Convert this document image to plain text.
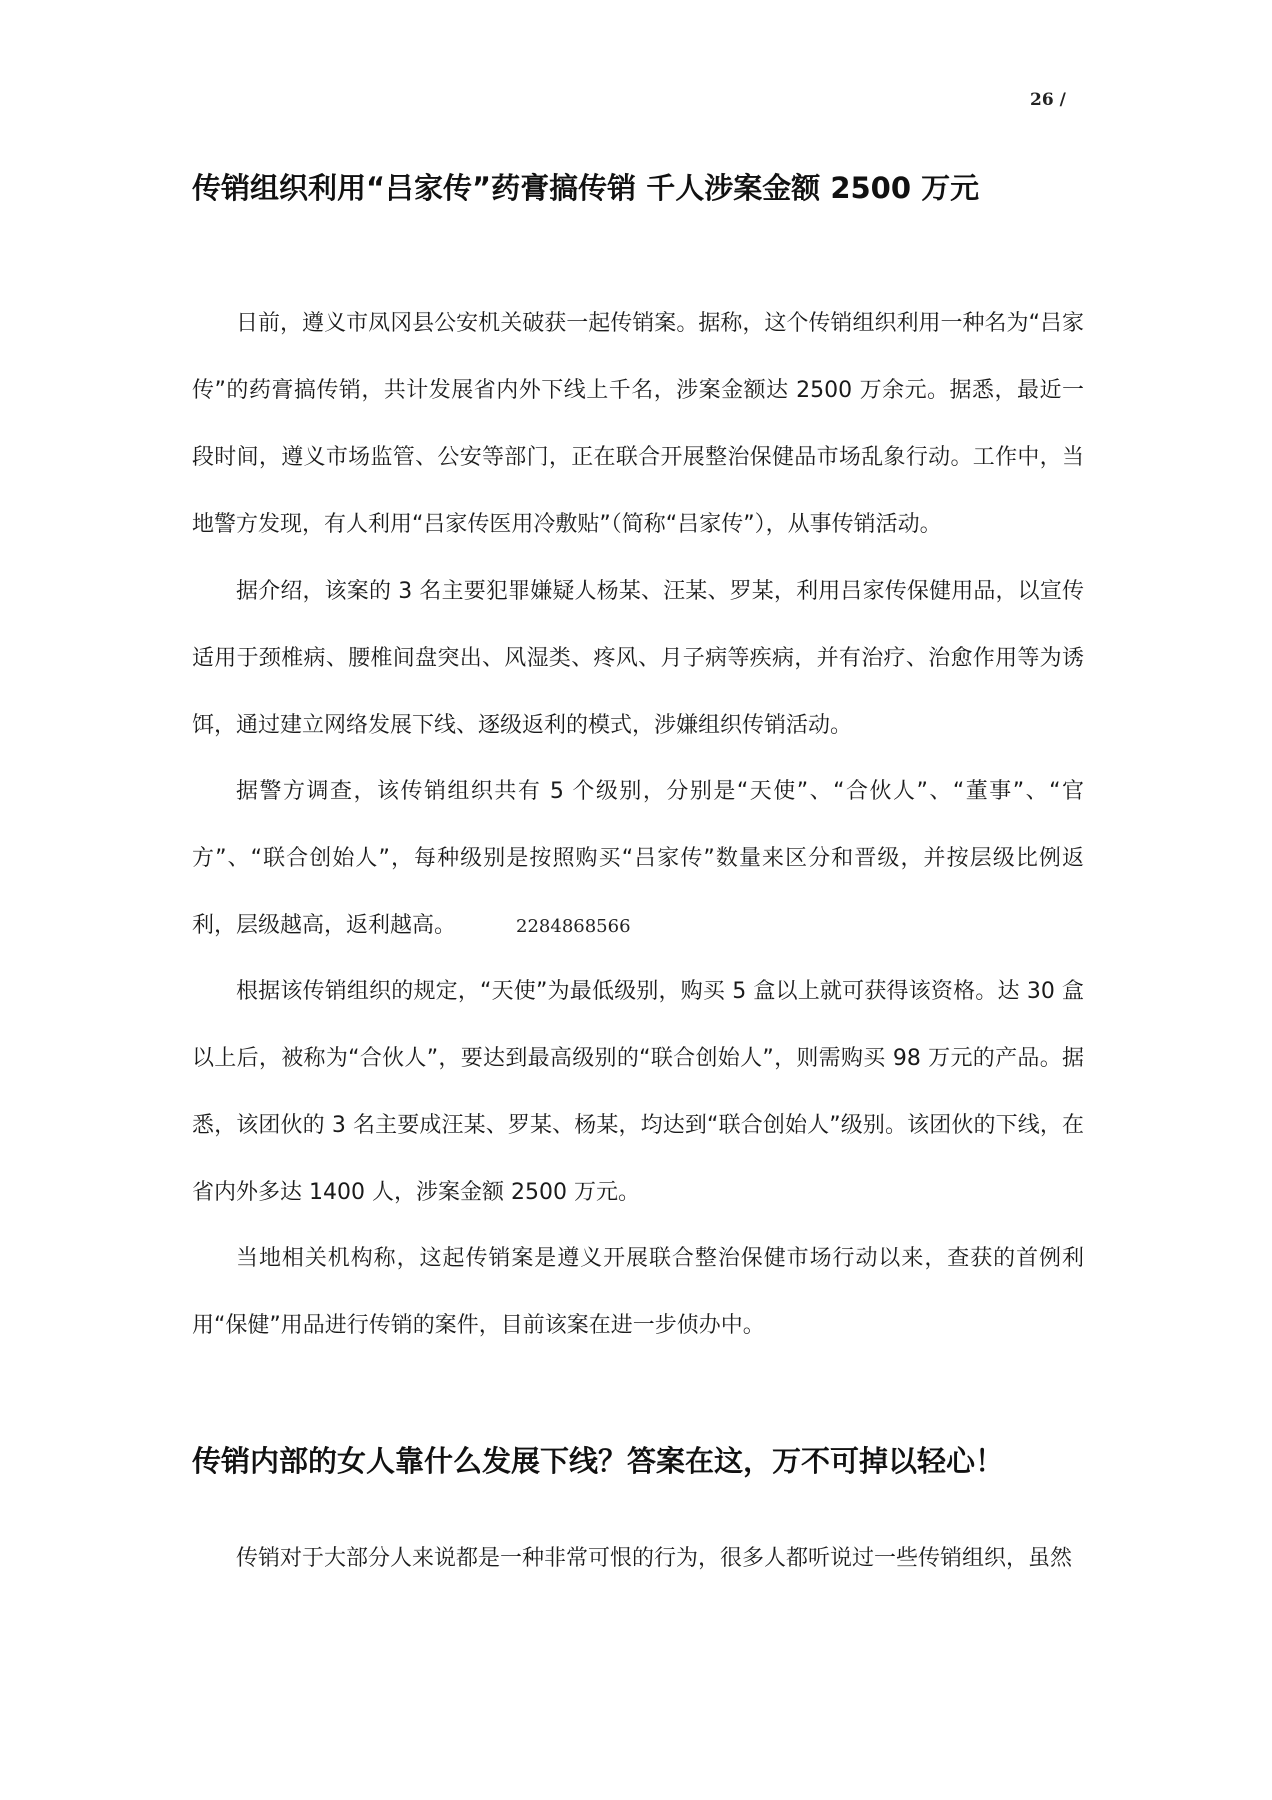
26 /
传销组织利用“吕家传”药膏搞传销 千人涉案金额 2500 万元

日前，遵义市凤冈县公安机关破获一起传销案。据称，这个传销组织利用一种名为“吕家传”的药膏搞传销，共计发展省内外下线上千名，涉案金额达 2500 万余元。据悉，最近一段时间，遵义市场监管、公安等部门，正在联合开展整治保健品市场乱象行动。工作中，当地警方发现，有人利用“吕家传医用冷敷贴”（简称“吕家传”），从事传销活动。

据介绍，该案的 3 名主要犯罪嫌疑人杨某、汪某、罗某，利用吕家传保健用品，以宣传适用于颈椎病、腰椎间盘突出、风湿类、疼风、月子病等疾病，并有治疗、治愈作用等为诱饵，通过建立网络发展下线、逐级返利的模式，涉嫌组织传销活动。

据警方调查，该传销组织共有 5 个级别，分别是“天使”、“合伙人”、“董事”、“官方”、“联合创始人”，每种级别是按照购买“吕家传”数量来区分和晋级，并按层级比例返利，层级越高，返利越高。	2284868566

根据该传销组织的规定，“天使”为最低级别，购买 5 盒以上就可获得该资格。达 30 盒以上后，被称为“合伙人”，要达到最高级别的“联合创始人”，则需购买 98 万元的产品。据悉，该团伙的 3 名主要成汪某、罗某、杨某，均达到“联合创始人”级别。该团伙的下线，在省内外多达 1400 人，涉案金额 2500 万元。

当地相关机构称，这起传销案是遵义开展联合整治保健市场行动以来，查获的首例利用“保健”用品进行传销的案件，目前该案在进一步侦办中。

传销内部的女人靠什么发展下线？答案在这，万不可掉以轻心！

传销对于大部分人来说都是一种非常可恨的行为，很多人都听说过一些传销组织，虽然
